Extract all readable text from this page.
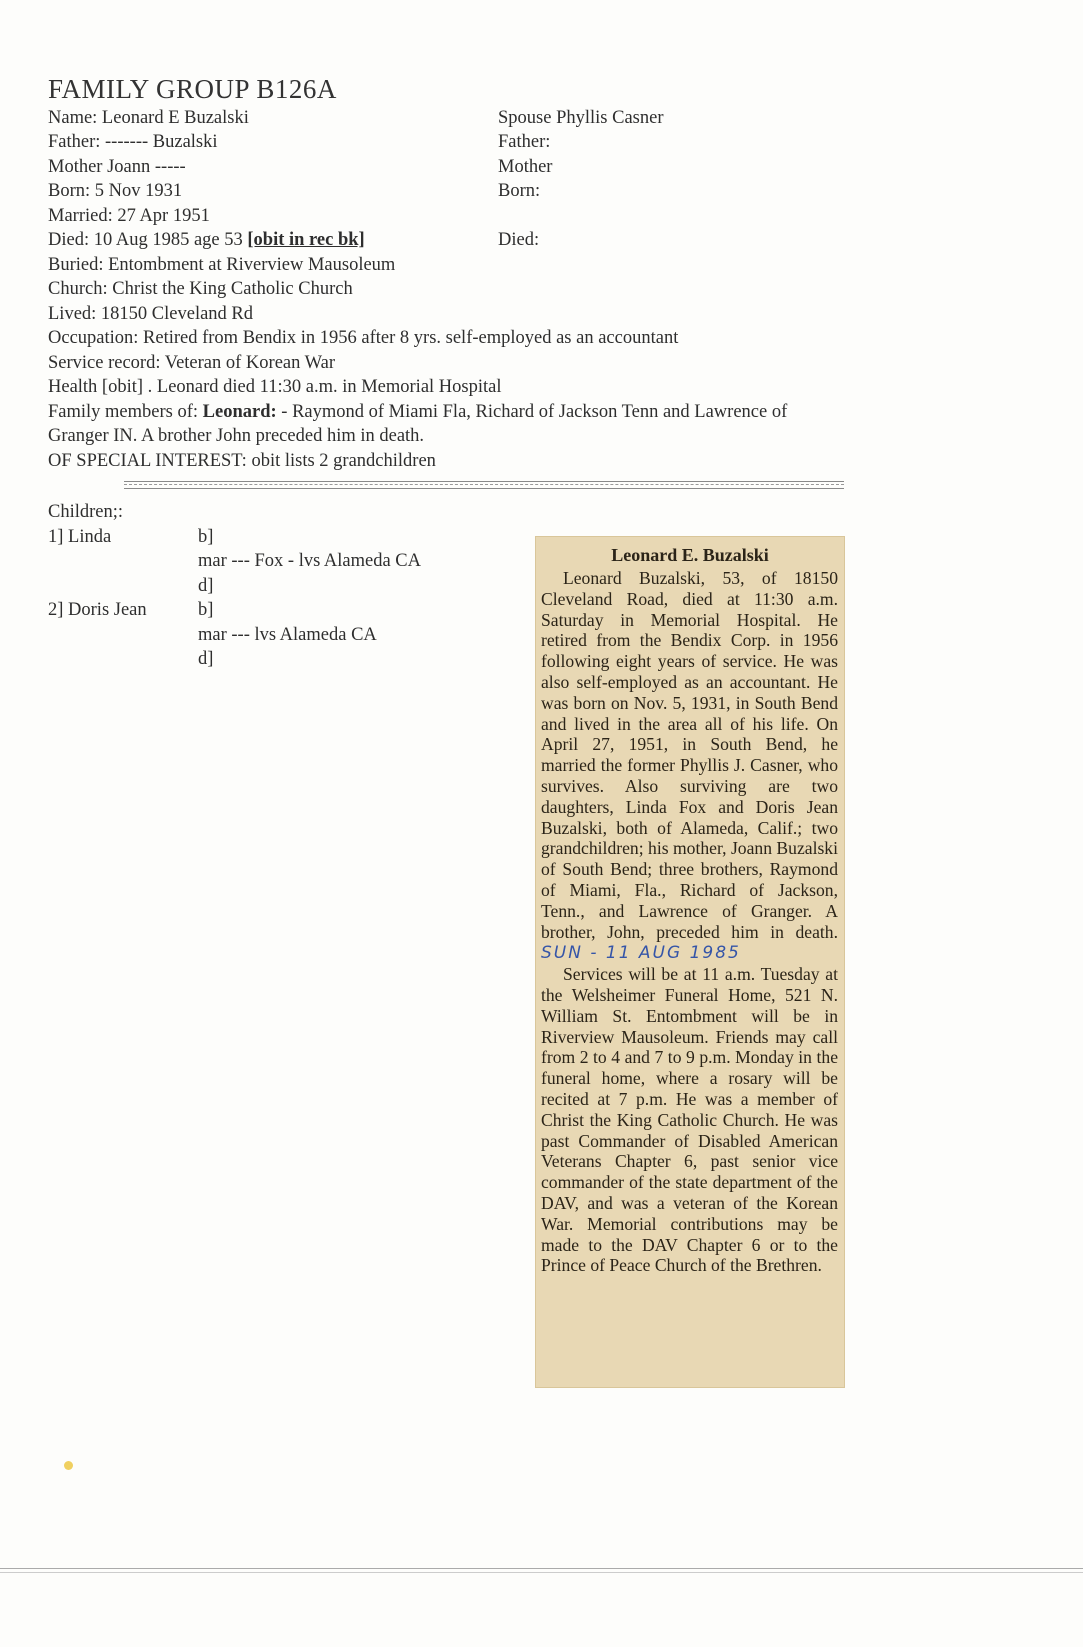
FAMILY GROUP B126A
Name: Leonard E Buzalski
Father: ------- Buzalski
Mother Joann -----
Born: 5 Nov 1931
Married: 27 Apr 1951
Died: 10 Aug 1985 age 53 [obit in rec bk]
Buried: Entombment at Riverview Mausoleum
Church: Christ the King Catholic Church
Lived: 18150 Cleveland Rd
Occupation: Retired from Bendix in 1956 after 8 yrs. self-employed as an accountant
Service record: Veteran of Korean War
Health [obit] . Leonard died 11:30 a.m. in Memorial Hospital
Family members of: Leonard: - Raymond of Miami Fla, Richard of Jackson Tenn and Lawrence of
Granger IN. A brother John preceded him in death.
OF SPECIAL INTEREST: obit lists 2 grandchildren
Spouse Phyllis Casner
Father:
Mother
Born:
Died:
Children;:
1] Linda	b]
mar --- Fox - lvs Alameda CA
d]
2] Doris Jean	b]
mar --- lvs Alameda CA
d]
Leonard E. Buzalski

Leonard Buzalski, 53, of 18150 Cleveland Road, died at 11:30 a.m. Saturday in Memorial Hospital. He retired from the Bendix Corp. in 1956 following eight years of service. He was also self-employed as an accountant. He was born on Nov. 5, 1931, in South Bend and lived in the area all of his life. On April 27, 1951, in South Bend, he married the former Phyllis J. Casner, who survives. Also surviving are two daughters, Linda Fox and Doris Jean Buzalski, both of Alameda, Calif.; two grandchildren; his mother, Joann Buzalski of South Bend; three brothers, Raymond of Miami, Fla., Richard of Jackson, Tenn., and Lawrence of Granger. A brother, John, preceded him in death. SUN - 11 AUG 1985

Services will be at 11 a.m. Tuesday at the Welsheimer Funeral Home, 521 N. William St. Entombment will be in Riverview Mausoleum. Friends may call from 2 to 4 and 7 to 9 p.m. Monday in the funeral home, where a rosary will be recited at 7 p.m. He was a member of Christ the King Catholic Church. He was past Commander of Disabled American Veterans Chapter 6, past senior vice commander of the state department of the DAV, and was a veteran of the Korean War. Memorial contributions may be made to the DAV Chapter 6 or to the Prince of Peace Church of the Brethren.
